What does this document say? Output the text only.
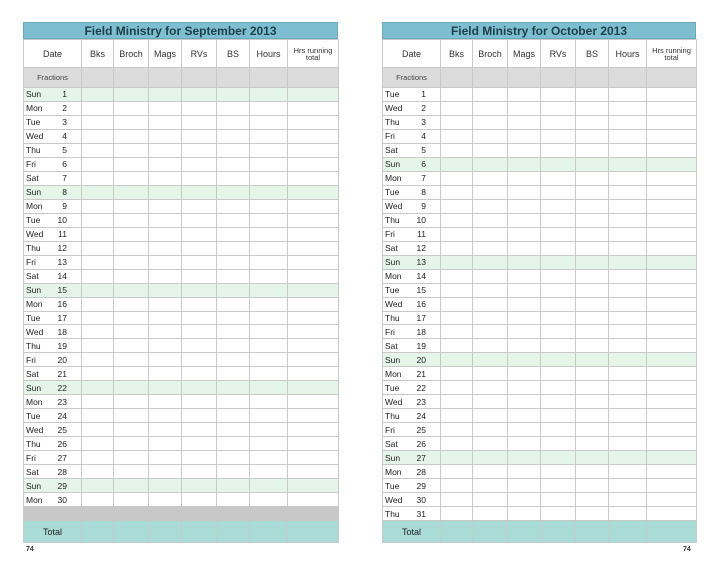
Field Ministry for September 2013
Date	Bks	Broch	Mags	RVs	BS	Hours	Hrs running total
Fractions							

Sun 1							

Mon 2							

Tue 3							

Wed 4							

Thu 5							

Fri 6							

Sat 7							

Sun 8							

Mon 9							

Tue 10							

Wed 11							

Thu 12							

Fri 13							

Sat 14							

Sun 15							

Mon 16							

Tue 17							

Wed 18							

Thu 19							

Fri 20							

Sat 21							

Sun 22							

Mon 23							

Tue 24							

Wed 25							

Thu 26							

Fri 27							

Sat 28							

Sun 29							

Mon 30							

Total							
74
Field Ministry for October 2013
Date	Bks	Broch	Mags	RVs	BS	Hours	Hrs running total
Fractions							

Tue 1							

Wed 2							

Thu 3							

Fri 4							

Sat 5							

Sun 6							

Mon 7							

Tue 8							

Wed 9							

Thu 10							

Fri 11							

Sat 12							

Sun 13							

Mon 14							

Tue 15							

Wed 16							

Thu 17							

Fri 18							

Sat 19							

Sun 20							

Mon 21							

Tue 22							

Wed 23							

Thu 24							

Fri 25							

Sat 26							

Sun 27							

Mon 28							

Tue 29							

Wed 30							

Thu 31							

Total							
74
